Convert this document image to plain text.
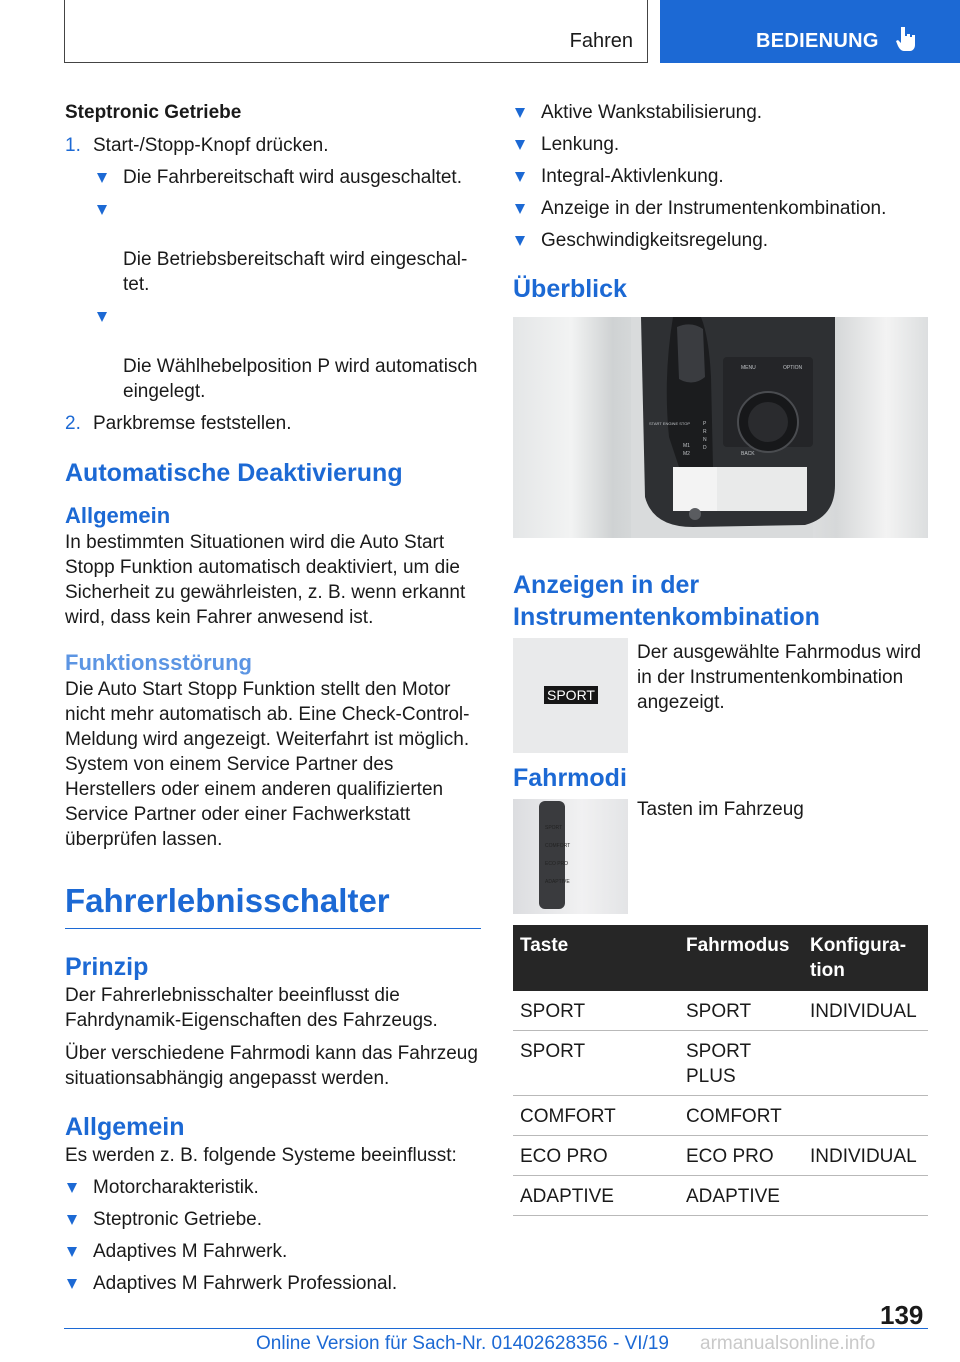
Fahren	BEDIENUNG

Steptronic Getriebe

1. Start-/Stopp-Knopf drücken.
Die Fahrbereitschaft wird ausgeschaltet.

Die Betriebsbereitschaft wird eingeschal-
tet.

Die Wählhebelposition P wird automatisch
eingelegt.

2. Parkbremse feststellen.

Automatische Deaktivierung

Allgemein

In bestimmten Situationen wird die Auto Start Stopp Funktion automatisch deaktiviert, um die Sicherheit zu gewährleisten, z. B. wenn erkannt wird, dass kein Fahrer anwesend ist.

Funktionsstörung

Die Auto Start Stopp Funktion stellt den Motor nicht mehr automatisch ab. Eine Check-Control-Meldung wird angezeigt. Weiterfahrt ist möglich. System von einem Service Partner des Herstellers oder einem anderen qualifizierten Service Partner oder einer Fachwerkstatt überprüfen lassen.

Fahrerlebnisschalter

Prinzip

Der Fahrerlebnisschalter beeinflusst die Fahrdynamik-Eigenschaften des Fahrzeugs.

Über verschiedene Fahrmodi kann das Fahrzeug situationsabhängig angepasst werden.

Allgemein

Es werden z. B. folgende Systeme beeinflusst:

Motorcharakteristik.
Steptronic Getriebe.
Adaptives M Fahrwerk.
Adaptives M Fahrwerk Professional.
Aktive Wankstabilisierung.
Lenkung.
Integral-Aktivlenkung.
Anzeige in der Instrumentenkombination.
Geschwindigkeitsregelung.

Überblick

MENU	OPTION
BACK
START ENGINE STOP
M1
M2
P
R
N
D

Anzeigen in der Instrumentenkombination

SPORT

Der ausgewählte Fahrmodus wird in der Instrumentenkombination angezeigt.

Fahrmodi

SPORT
COMFORT
ECO PRO
ADAPTIVE

Tasten im Fahrzeug

Taste	Fahrmodus	Konfigura-
tion
SPORT	SPORT	INDIVIDUAL
SPORT	SPORT
PLUS	
COMFORT	COMFORT	
ECO PRO	ECO PRO	INDIVIDUAL
ADAPTIVE	ADAPTIVE	
139
Online Version für Sach-Nr. 01402628356 - VI/19 armanualsonline.info
